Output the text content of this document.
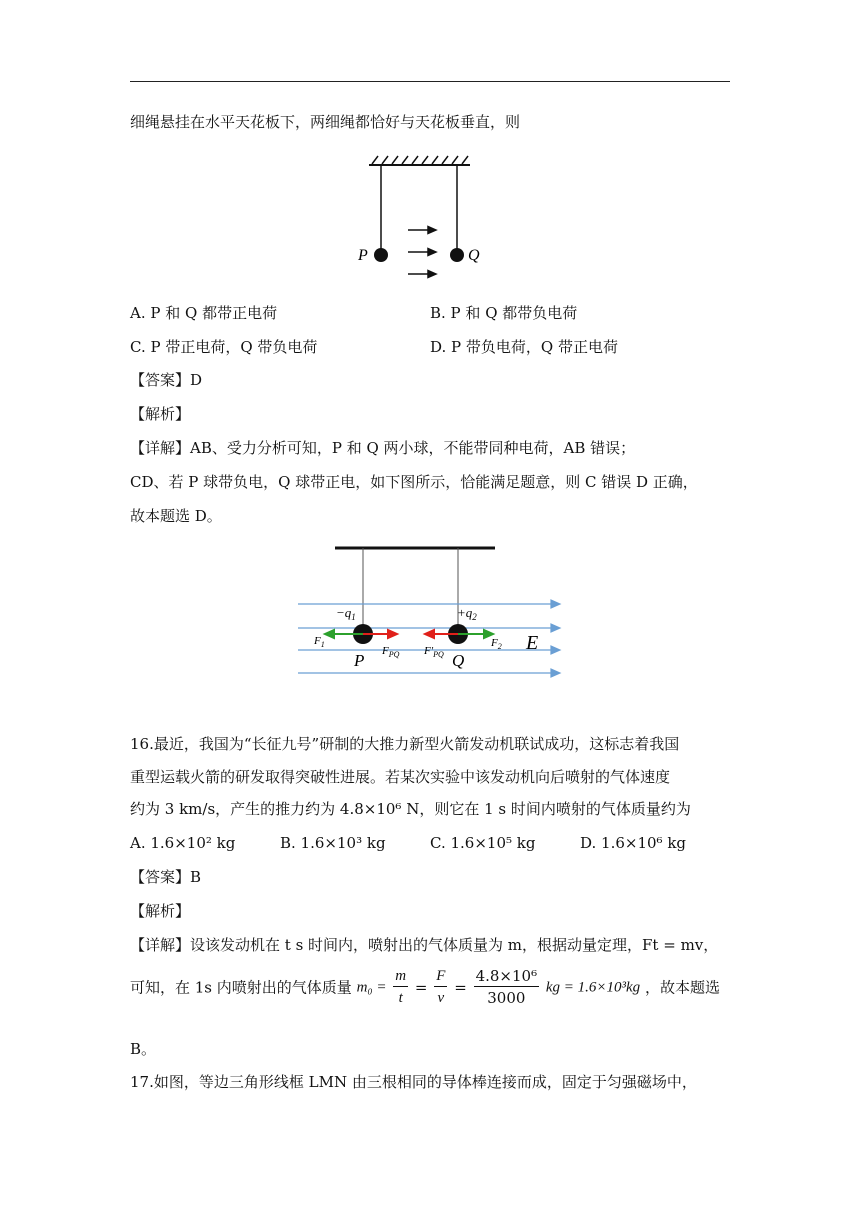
细绳悬挂在水平天花板下，两细绳都恰好与天花板垂直，则
P	Q
A. P 和 Q 都带正电荷	B. P 和 Q 都带负电荷
C. P 带正电荷，Q 带负电荷	D. P 带负电荷，Q 带正电荷
【答案】D
【解析】
【详解】AB、受力分析可知，P 和 Q 两小球，不能带同种电荷，AB 错误；
CD、若 P 球带负电，Q 球带正电，如下图所示，恰能满足题意，则 C 错误 D 正确，
故本题选 D。
$-q_1$	$+q_2$
$F_1$
$F_{PQ}$ $F'_{PQ}$
$F_2$ E
P	Q
16.最近，我国为“长征九号”研制的大推力新型火箭发动机联试成功，这标志着我国
重型运载火箭的研发取得突破性进展。若某次实验中该发动机向后喷射的气体速度
约为 3 km/s，产生的推力约为 4.8×10⁶ N，则它在 1 s 时间内喷射的气体质量约为
A. 1.6×10² kg	B. 1.6×10³ kg	C. 1.6×10⁵ kg	D. 1.6×10⁶ kg
【答案】B
【解析】
【详解】设该发动机在 t s 时间内，喷射出的气体质量为 m，根据动量定理，Ft = mv，
可知，在 1s 内喷射出的气体质量 $m_0 = \frac{m}{t} = \frac{F}{v} = \frac{\text{4.8×10⁶}}{3000}$ kg = 1.6×10³kg ，故本题选
B。
17.如图，等边三角形线框 LMN 由三根相同的导体棒连接而成，固定于匀强磁场中，
